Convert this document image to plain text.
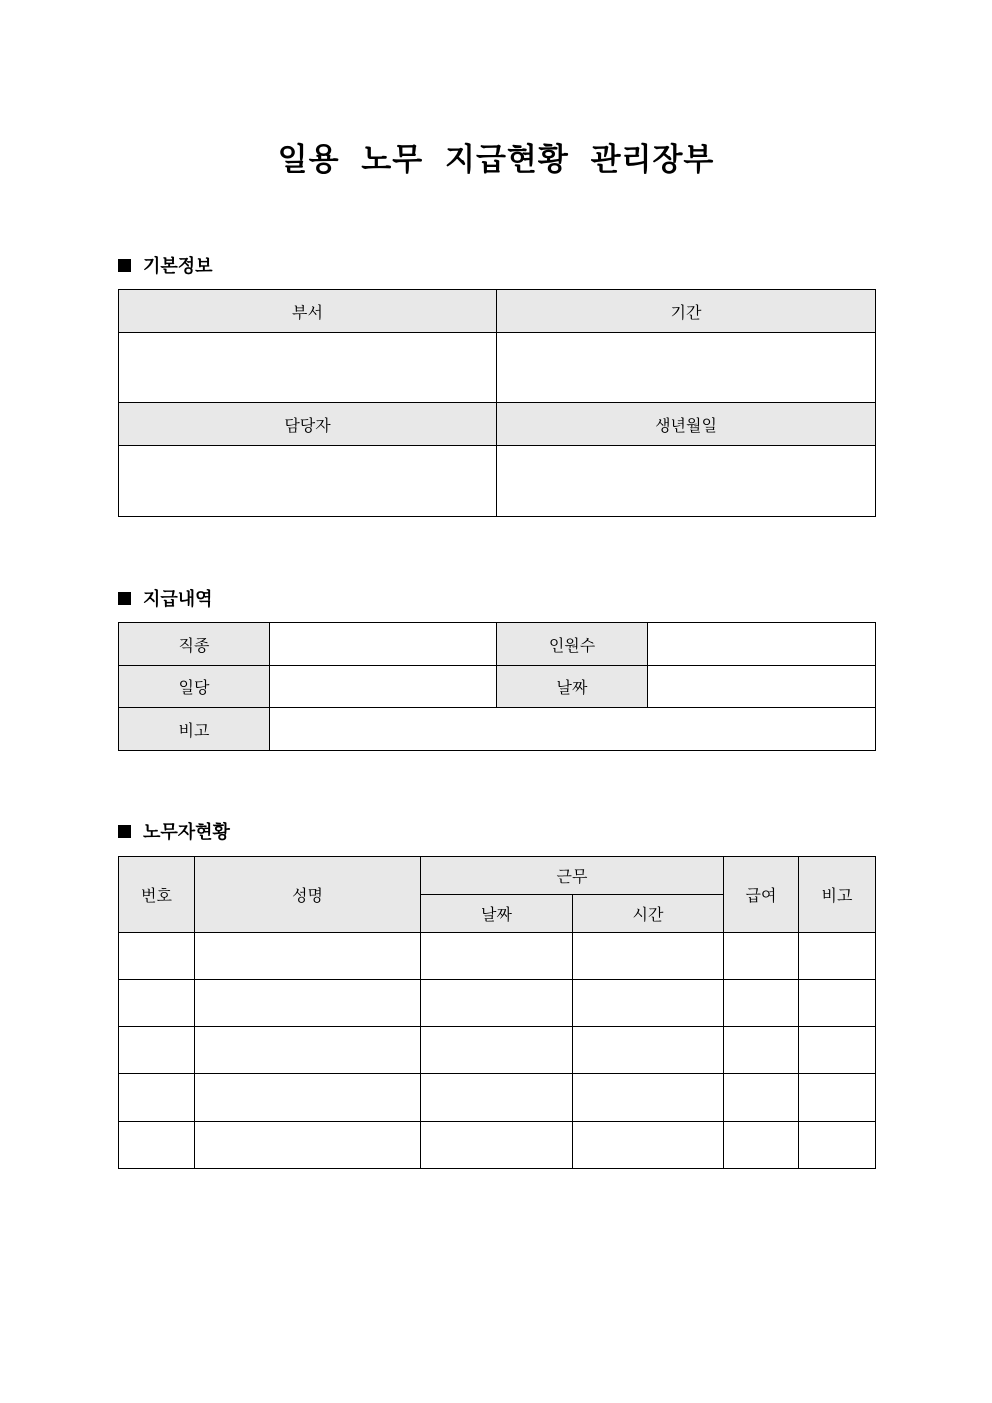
일용 노무 지급현황 관리장부
기본정보
부서	기간

담당자	생년월일

지급내역
직종		인원수	
일당		날짜	
비고			
노무자현황
번호	성명	근무		급여	비고
		날짜	시간		
